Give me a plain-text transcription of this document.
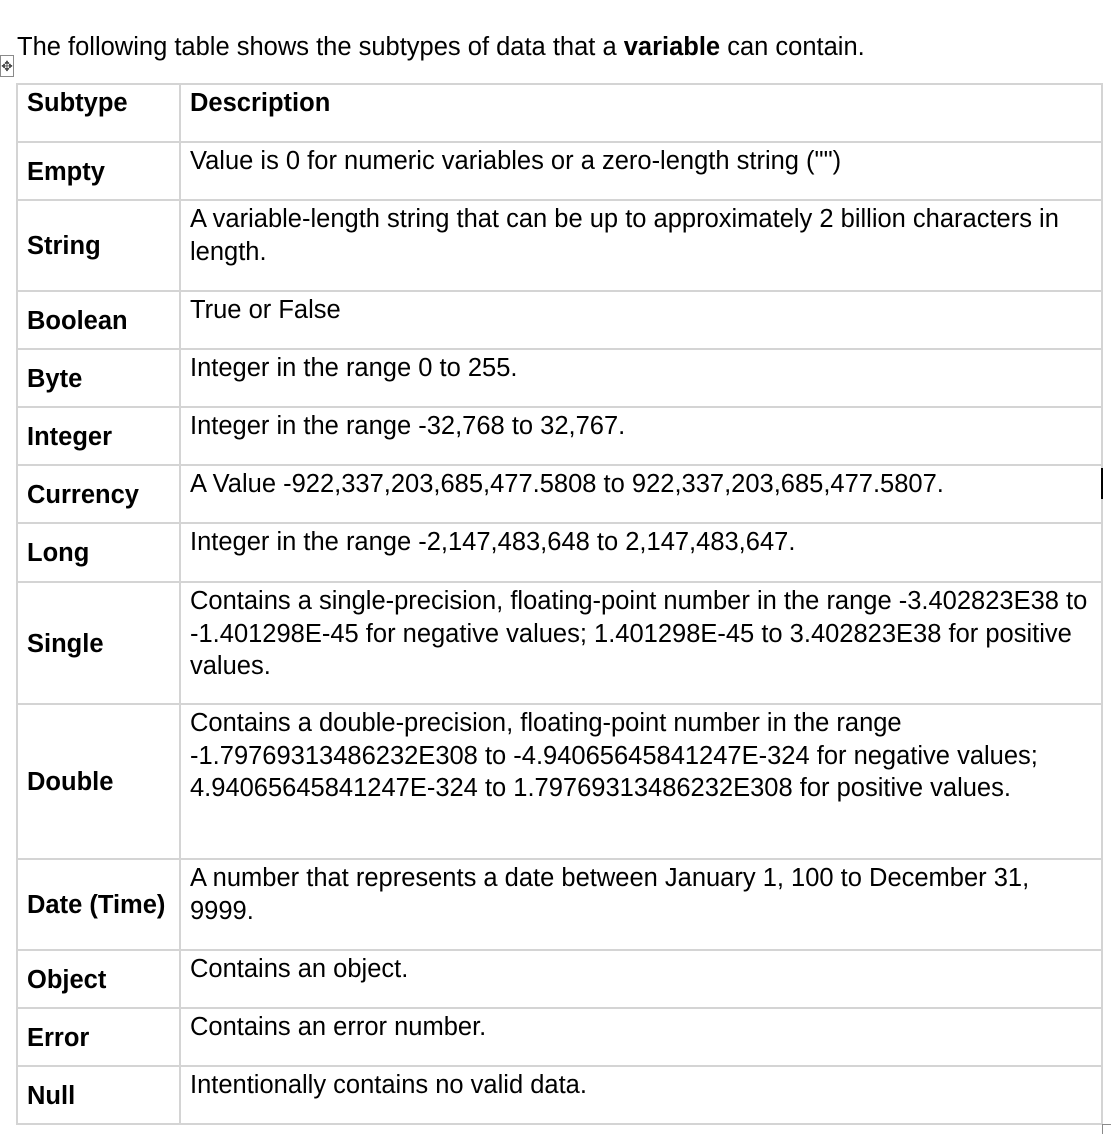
✥

The following table shows the subtypes of data that a variable can contain.

Subtype	Description
Empty	Value is 0 for numeric variables or a zero-length string ("")
String	A variable-length string that can be up to approximately 2 billion characters in length.
Boolean	True or False
Byte	Integer in the range 0 to 255.
Integer	Integer in the range -32,768 to 32,767.
Currency	A Value -922,337,203,685,477.5808 to 922,337,203,685,477.5807.
Long	Integer in the range -2,147,483,648 to 2,147,483,647.
Single	Contains a single-precision, floating-point number in the range -3.402823E38 to -1.401298E-45 for negative values; 1.401298E-45 to 3.402823E38 for positive values.
Double	Contains a double-precision, floating-point number in the range -1.79769313486232E308 to -4.94065645841247E-324 for negative values; 4.94065645841247E-324 to 1.79769313486232E308 for positive values.
Date (Time)	A number that represents a date between January 1, 100 to December 31, 9999.
Object	Contains an object.
Error	Contains an error number.
Null	Intentionally contains no valid data.
